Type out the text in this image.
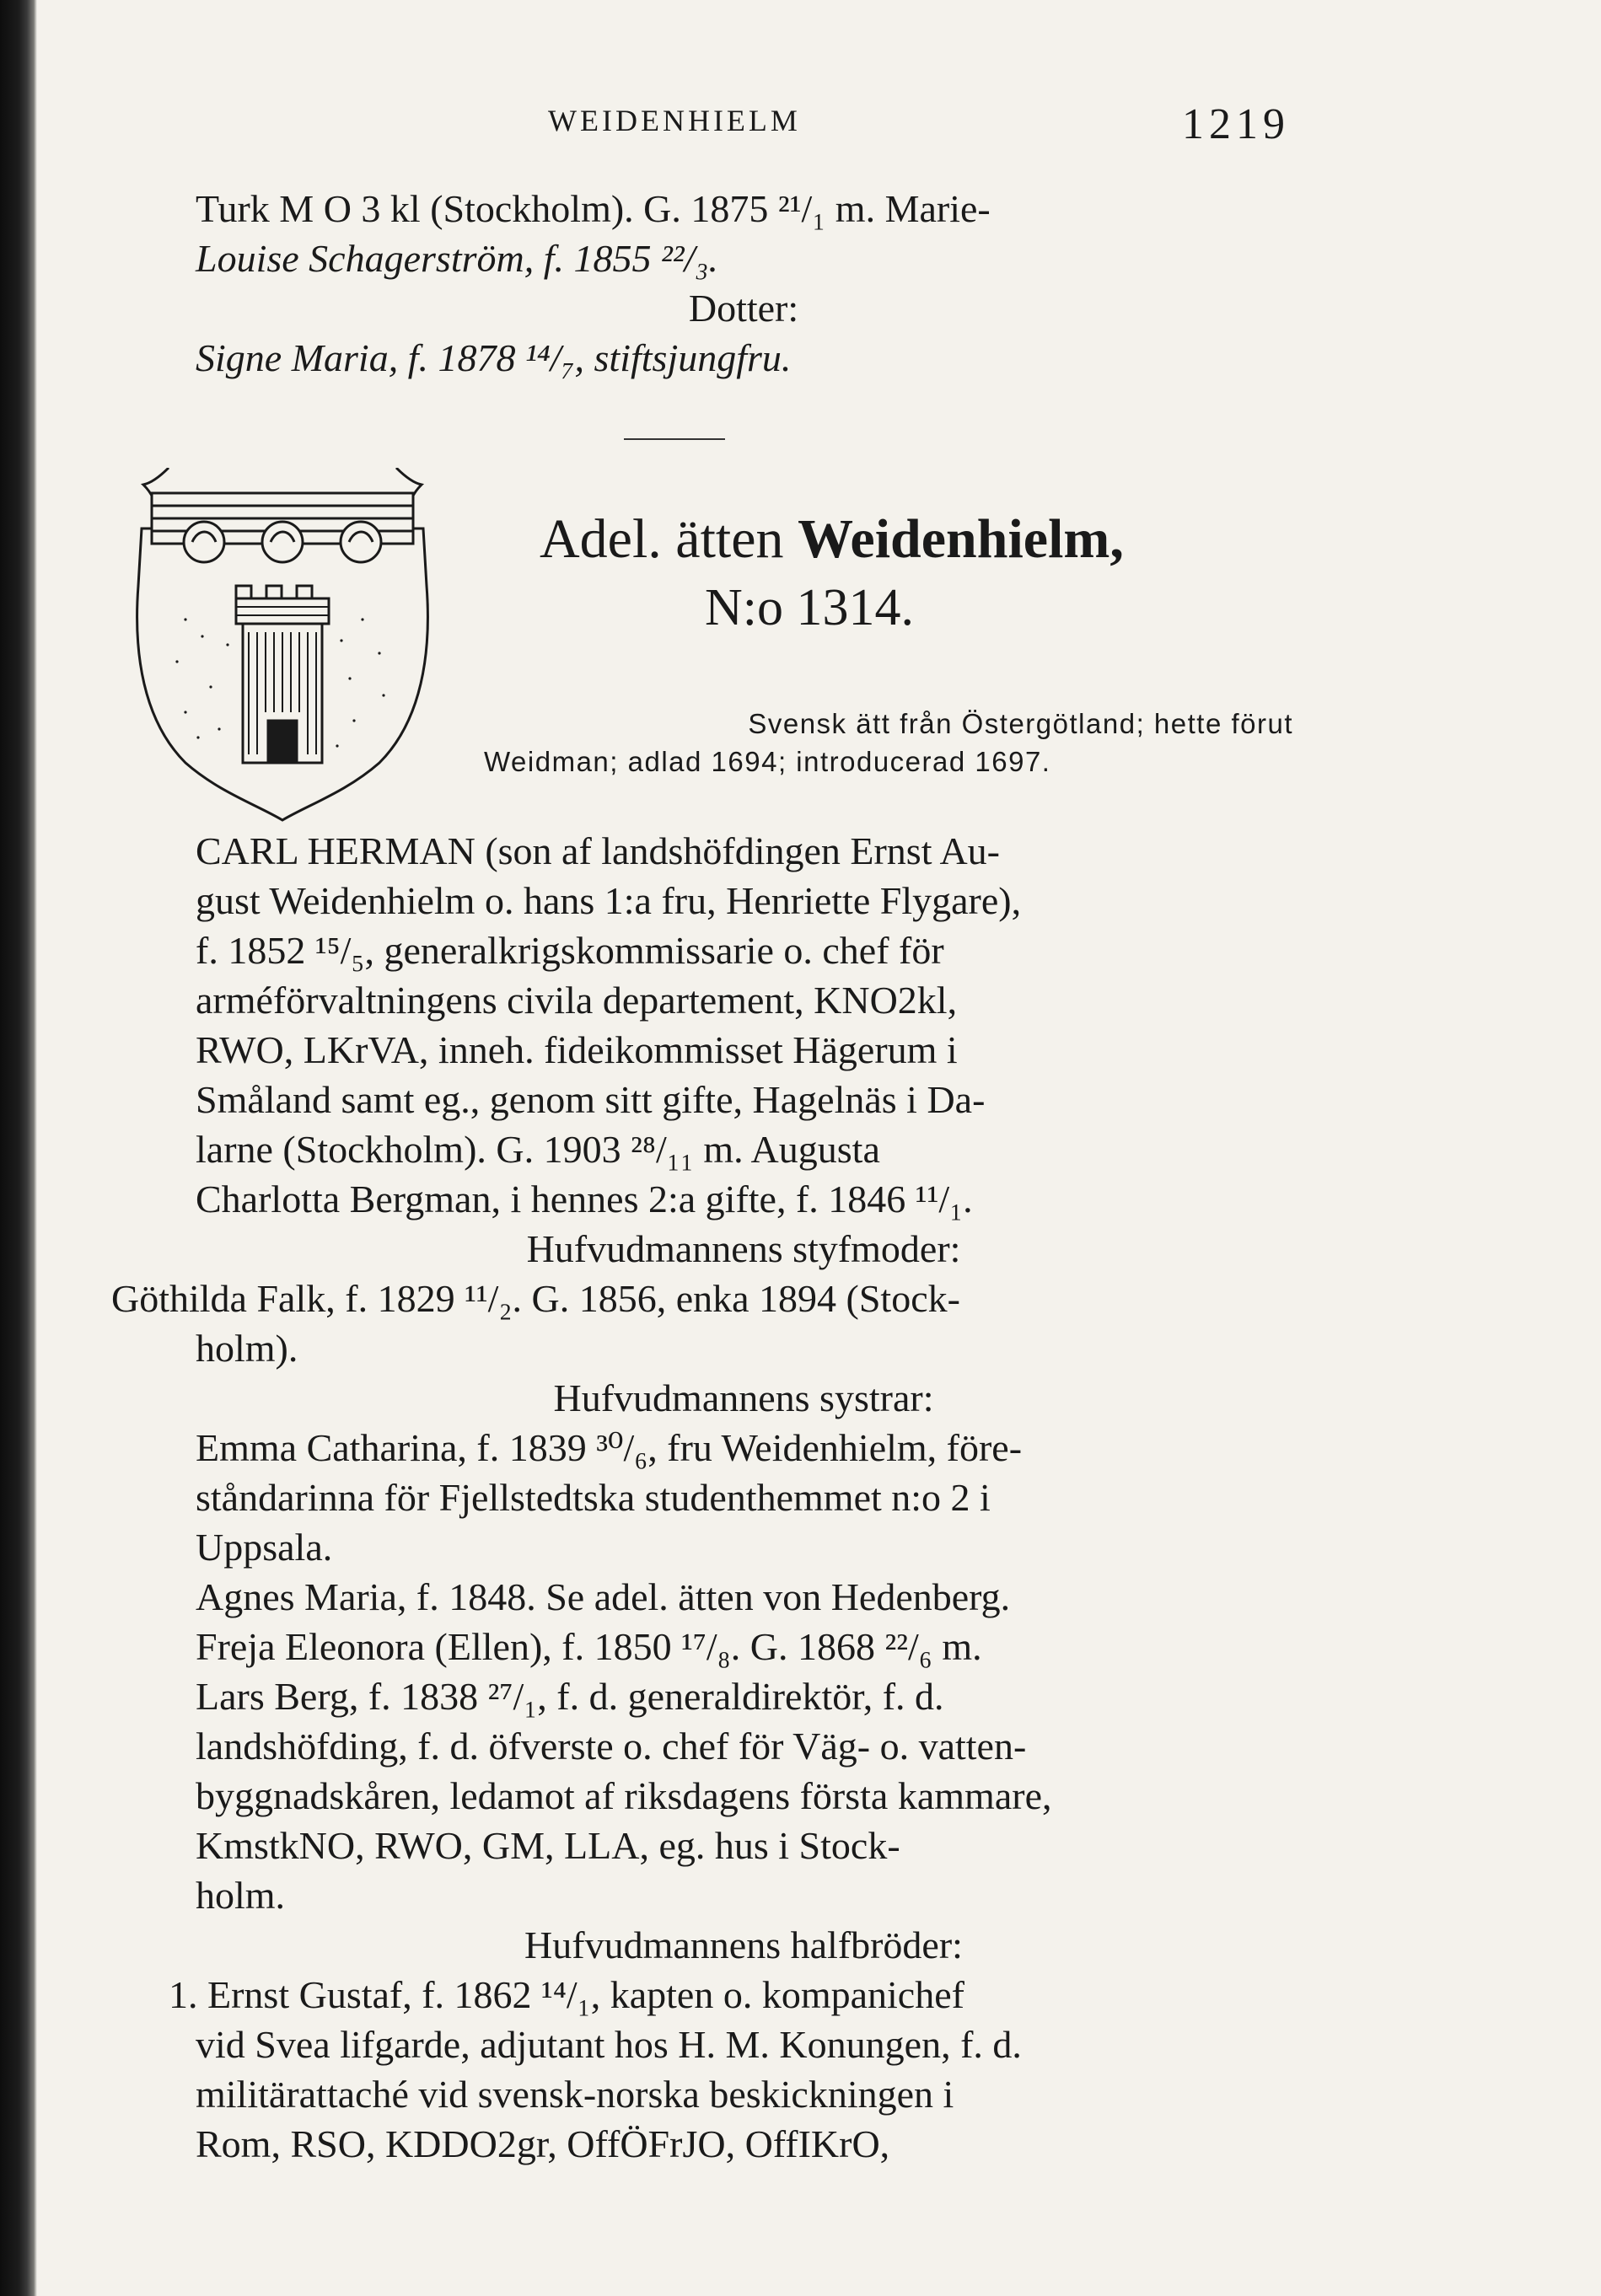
WEIDENHIELM	1219

Turk M O 3 kl (Stockholm). G. 1875 ²¹/₁ m. Marie-

Louise Schagerström, f. 1855 ²²/₃.

Dotter:

Signe Maria, f. 1878 ¹⁴/₇, stiftsjungfru.

Adel. ätten Weidenhielm,
N:o 1314.
Svensk ätt från Östergötland; hette förut
Weidman; adlad 1694; introducerad 1697.

CARL HERMAN (son af landshöfdingen Ernst Au-

gust Weidenhielm o. hans 1:a fru, Henriette Flygare),

f. 1852 ¹⁵/₅, generalkrigskommissarie o. chef för

arméförvaltningens civila departement, KNO2kl,

RWO, LKrVA, inneh. fideikommisset Hägerum i

Småland samt eg., genom sitt gifte, Hagelnäs i Da-

larne (Stockholm). G. 1903 ²⁸/₁₁ m. Augusta

Charlotta Bergman, i hennes 2:a gifte, f. 1846 ¹¹/₁.

Hufvudmannens styfmoder:

Göthilda Falk, f. 1829 ¹¹/₂. G. 1856, enka 1894 (Stock-

holm).

Hufvudmannens systrar:

Emma Catharina, f. 1839 ³⁰/₆, fru Weidenhielm, före-

ståndarinna för Fjellstedtska studenthemmet n:o 2 i

Uppsala.

Agnes Maria, f. 1848. Se adel. ätten von Hedenberg.

Freja Eleonora (Ellen), f. 1850 ¹⁷/₈. G. 1868 ²²/₆ m.

Lars Berg, f. 1838 ²⁷/₁, f. d. generaldirektör, f. d.

landshöfding, f. d. öfverste o. chef för Väg- o. vatten-

byggnadskåren, ledamot af riksdagens första kammare,

KmstkNO, RWO, GM, LLA, eg. hus i Stock-

holm.

Hufvudmannens halfbröder:

1. Ernst Gustaf, f. 1862 ¹⁴/₁, kapten o. kompanichef

vid Svea lifgarde, adjutant hos H. M. Konungen, f. d.

militärattaché vid svensk-norska beskickningen i

Rom, RSO, KDDO2gr, OffÖFrJO, OffIKrO,
